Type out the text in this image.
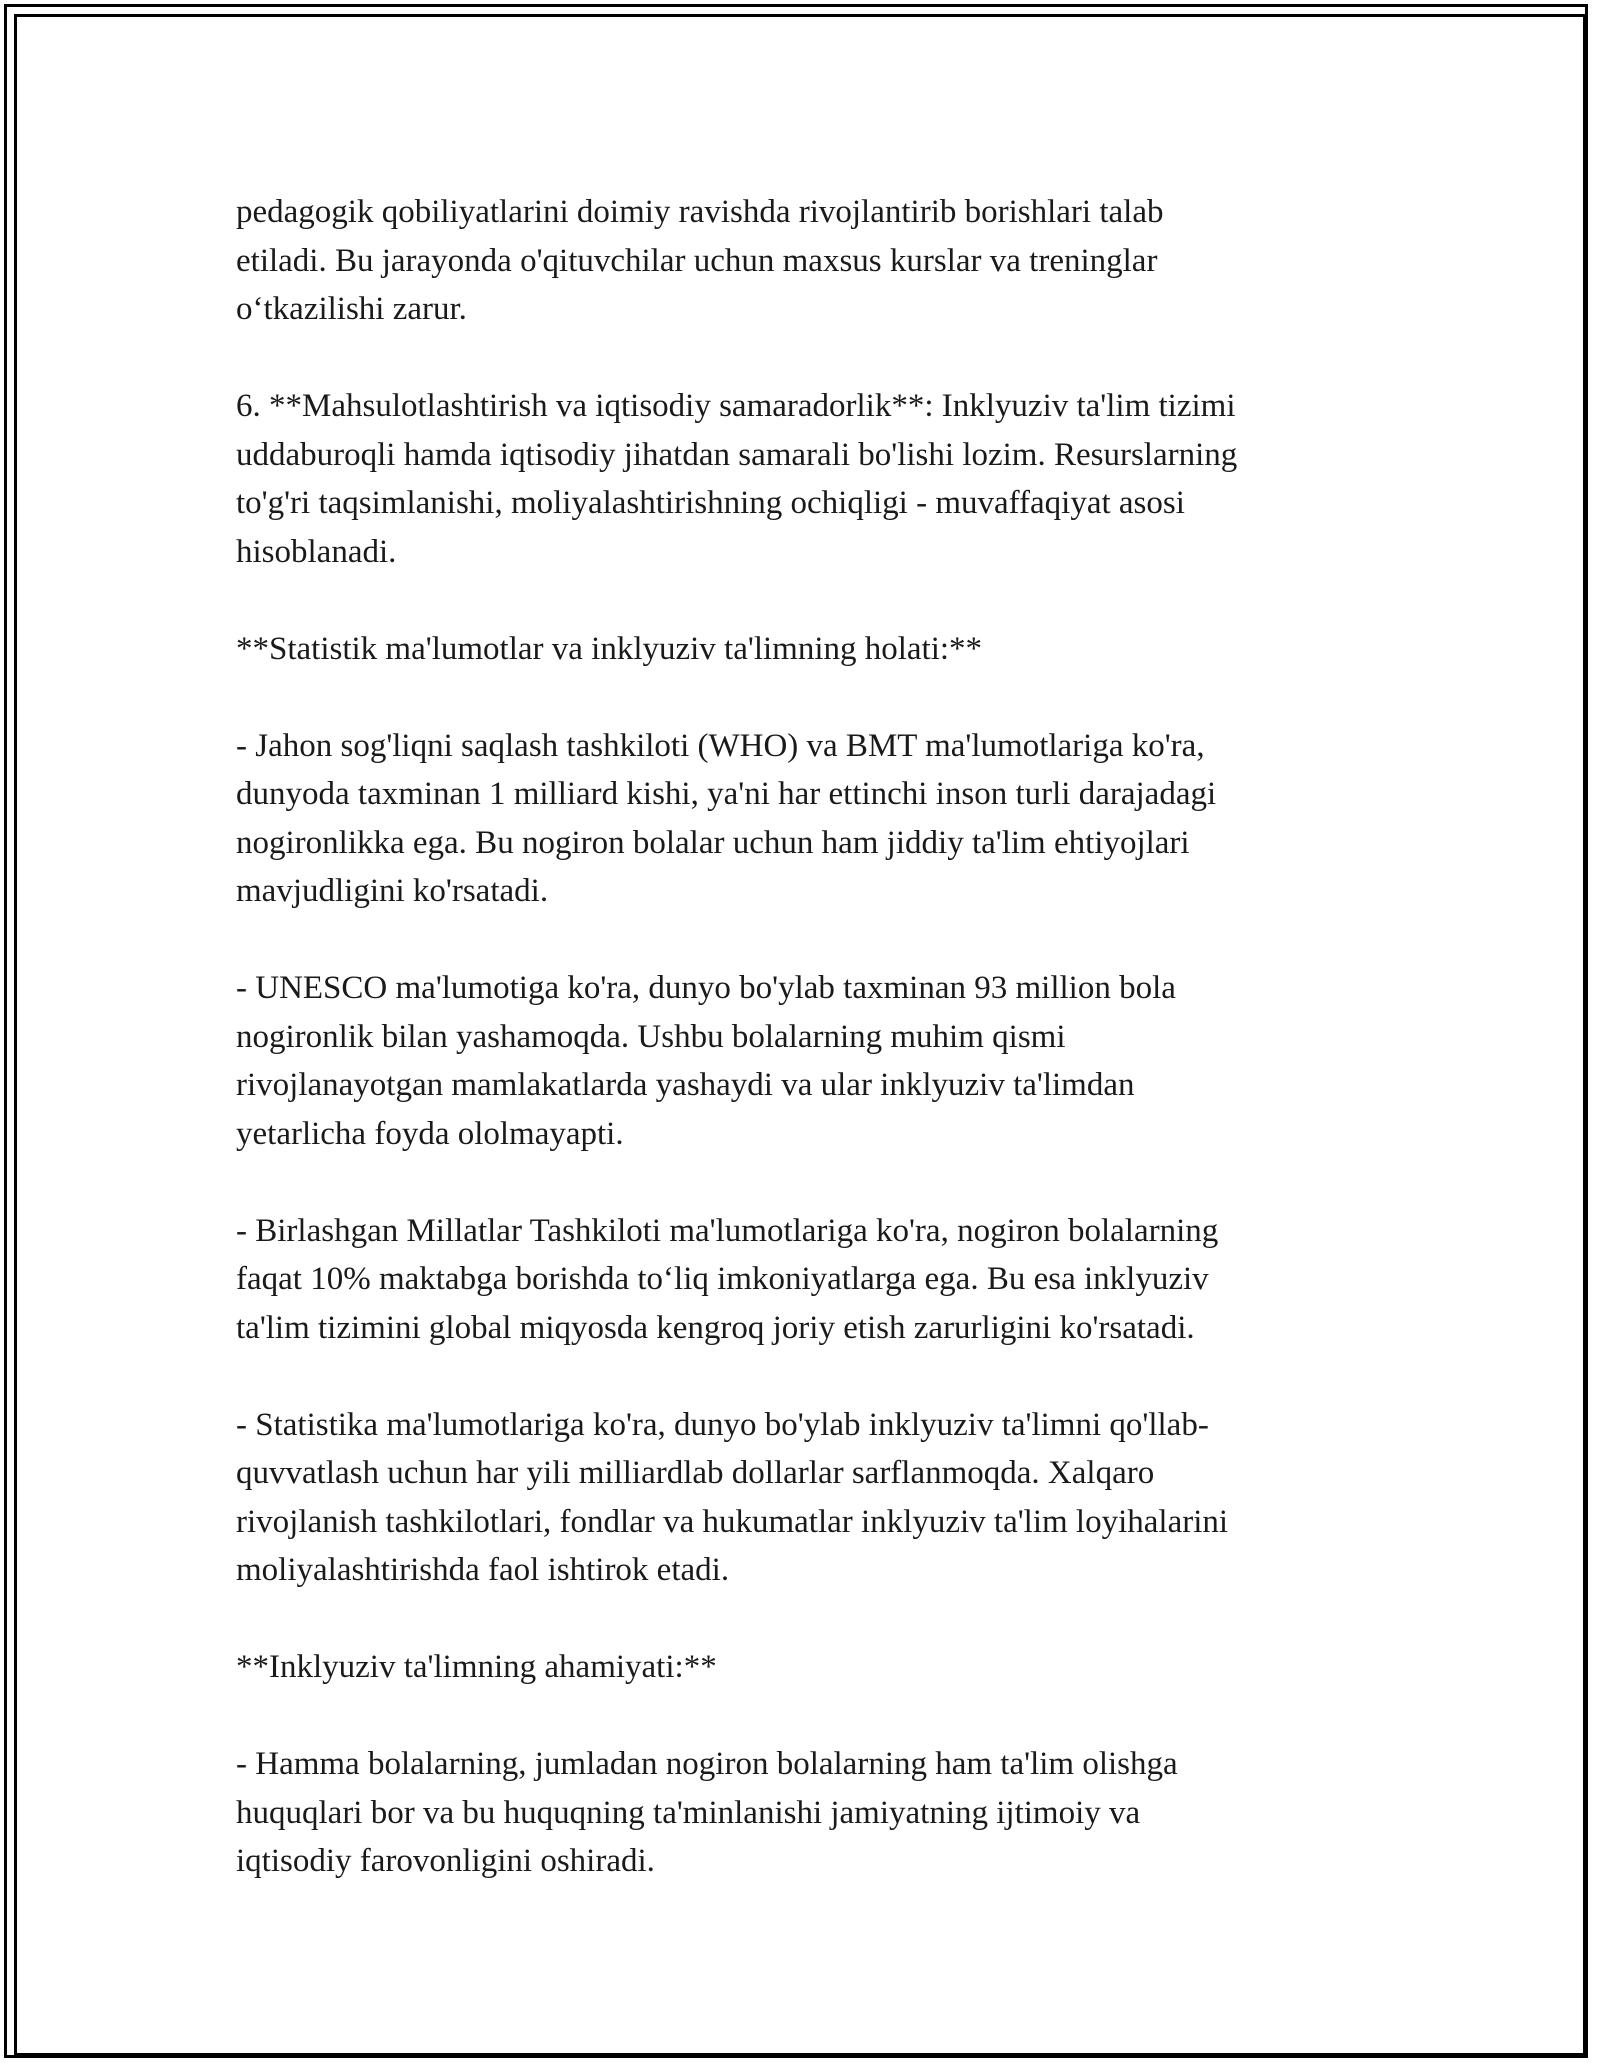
pedagogik qobiliyatlarini doimiy ravishda rivojlantirib borishlari talab
etiladi. Bu jarayonda o'qituvchilar uchun maxsus kurslar va treninglar
o‘tkazilishi zarur.

6. **Mahsulotlashtirish va iqtisodiy samaradorlik**: Inklyuziv ta'lim tizimi
uddaburoqli hamda iqtisodiy jihatdan samarali bo'lishi lozim. Resurslarning
to'g'ri taqsimlanishi, moliyalashtirishning ochiqligi - muvaffaqiyat asosi
hisoblanadi.

**Statistik ma'lumotlar va inklyuziv ta'limning holati:**

- Jahon sog'liqni saqlash tashkiloti (WHO) va BMT ma'lumotlariga ko'ra,
dunyoda taxminan 1 milliard kishi, ya'ni har ettinchi inson turli darajadagi
nogironlikka ega. Bu nogiron bolalar uchun ham jiddiy ta'lim ehtiyojlari
mavjudligini ko'rsatadi.

- UNESCO ma'lumotiga ko'ra, dunyo bo'ylab taxminan 93 million bola
nogironlik bilan yashamoqda. Ushbu bolalarning muhim qismi
rivojlanayotgan mamlakatlarda yashaydi va ular inklyuziv ta'limdan
yetarlicha foyda ololmayapti.

- Birlashgan Millatlar Tashkiloti ma'lumotlariga ko'ra, nogiron bolalarning
faqat 10% maktabga borishda to‘liq imkoniyatlarga ega. Bu esa inklyuziv
ta'lim tizimini global miqyosda kengroq joriy etish zarurligini ko'rsatadi.

- Statistika ma'lumotlariga ko'ra, dunyo bo'ylab inklyuziv ta'limni qo'llab-
quvvatlash uchun har yili milliardlab dollarlar sarflanmoqda. Xalqaro
rivojlanish tashkilotlari, fondlar va hukumatlar inklyuziv ta'lim loyihalarini
moliyalashtirishda faol ishtirok etadi.

**Inklyuziv ta'limning ahamiyati:**

- Hamma bolalarning, jumladan nogiron bolalarning ham ta'lim olishga
huquqlari bor va bu huquqning ta'minlanishi jamiyatning ijtimoiy va
iqtisodiy farovonligini oshiradi.
